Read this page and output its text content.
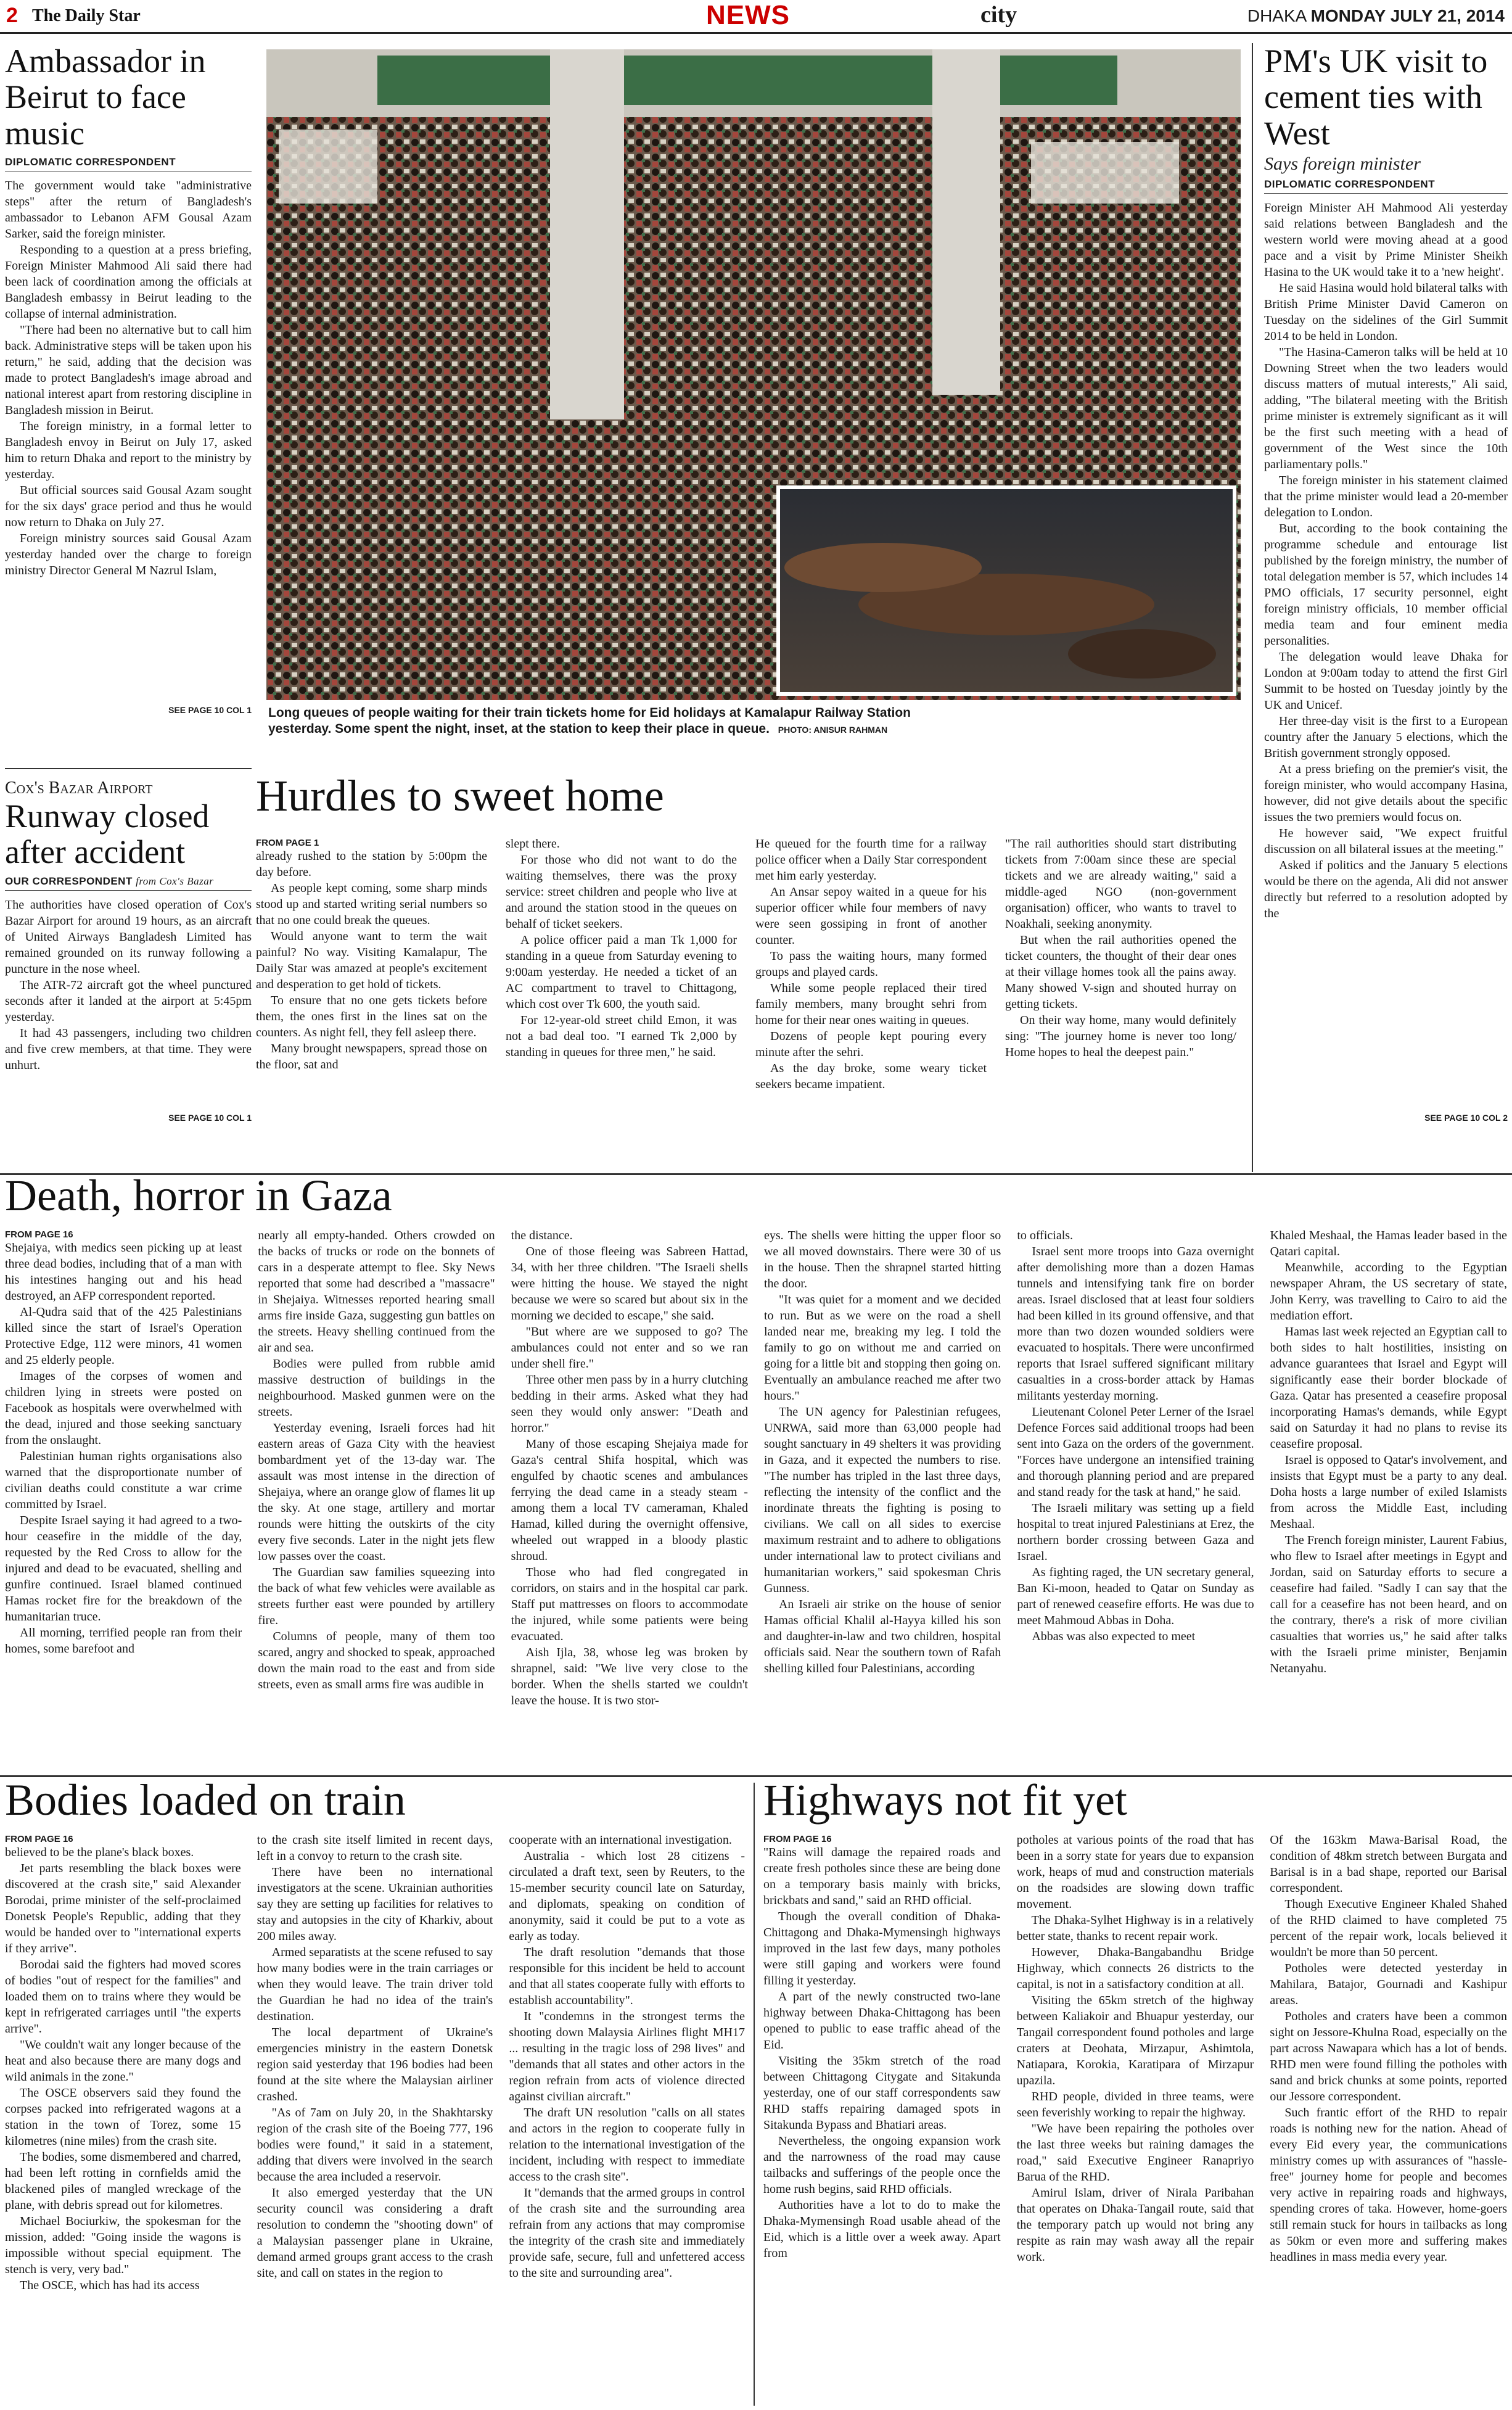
2 The Daily Star	NEWS	city	DHAKA MONDAY JULY 21, 2014
Ambassador in Beirut to face music
DIPLOMATIC CORRESPONDENT

The government would take "administrative steps" after the return of Bangladesh's ambassador to Lebanon AFM Gousal Azam Sarker, said the foreign minister.

Responding to a question at a press briefing, Foreign Minister Mahmood Ali said there had been lack of coordination among the officials at Bangladesh embassy in Beirut leading to the collapse of internal administration.

"There had been no alternative but to call him back. Administrative steps will be taken upon his return," he said, adding that the decision was made to protect Bangladesh's image abroad and national interest apart from restoring discipline in Bangladesh mission in Beirut.

The foreign ministry, in a formal letter to Bangladesh envoy in Beirut on July 17, asked him to return Dhaka and report to the ministry by yesterday.

But official sources said Gousal Azam sought for the six days' grace period and thus he would now return to Dhaka on July 27.

Foreign ministry sources said Gousal Azam yesterday handed over the charge to foreign ministry Director General M Nazrul Islam,

SEE PAGE 10 COL 1
Cox's Bazar Airport
Runway closed after accident
OUR CORRESPONDENT from Cox's Bazar

The authorities have closed operation of Cox's Bazar Airport for around 19 hours, as an aircraft of United Airways Bangladesh Limited has remained grounded on its runway following a puncture in the nose wheel.

The ATR-72 aircraft got the wheel punctured seconds after it landed at the airport at 5:45pm yesterday.

It had 43 passengers, including two children and five crew members, at that time. They were unhurt.

SEE PAGE 10 COL 1
Long queues of people waiting for their train tickets home for Eid holidays at Kamalapur Railway Station yesterday. Some spent the night, inset, at the station to keep their place in queue. PHOTO: ANISUR RAHMAN
Hurdles to sweet home
FROM PAGE 1

already rushed to the station by 5:00pm the day before.

As people kept coming, some sharp minds stood up and started writing serial numbers so that no one could break the queues.

Would anyone want to term the wait painful? No way. Visiting Kamalapur, The Daily Star was amazed at people's excitement and desperation to get hold of tickets.

To ensure that no one gets tickets before them, the ones first in the lines sat on the counters. As night fell, they fell asleep there.

Many brought newspapers, spread those on the floor, sat and

slept there.

For those who did not want to do the waiting themselves, there was the proxy service: street children and people who live at and around the station stood in the queues on behalf of ticket seekers.

A police officer paid a man Tk 1,000 for standing in a queue from Saturday evening to 9:00am yesterday. He needed a ticket of an AC compartment to travel to Chittagong, which cost over Tk 600, the youth said.

For 12-year-old street child Emon, it was not a bad deal too. "I earned Tk 2,000 by standing in queues for three men," he said.

He queued for the fourth time for a railway police officer when a Daily Star correspondent met him early yesterday.

An Ansar sepoy waited in a queue for his superior officer while four members of navy were seen gossiping in front of another counter.

To pass the waiting hours, many formed groups and played cards.

While some people replaced their tired family members, many brought sehri from home for their near ones waiting in queues.

Dozens of people kept pouring every minute after the sehri.

As the day broke, some weary ticket seekers became impatient.

"The rail authorities should start distributing tickets from 7:00am since these are special tickets and we are already waiting," said a middle-aged NGO (non-government organisation) officer, who wants to travel to Noakhali, seeking anonymity.

But when the rail authorities opened the ticket counters, the thought of their dear ones at their village homes took all the pains away. Many showed V-sign and shouted hurray on getting tickets.

On their way home, many would definitely sing: "The journey home is never too long/ Home hopes to heal the deepest pain."

PM's UK visit to cement ties with West
Says foreign minister
DIPLOMATIC CORRESPONDENT

Foreign Minister AH Mahmood Ali yesterday said relations between Bangladesh and the western world were moving ahead at a good pace and a visit by Prime Minister Sheikh Hasina to the UK would take it to a 'new height'.

He said Hasina would hold bilateral talks with British Prime Minister David Cameron on Tuesday on the sidelines of the Girl Summit 2014 to be held in London.

"The Hasina-Cameron talks will be held at 10 Downing Street when the two leaders would discuss matters of mutual interests," Ali said, adding, "The bilateral meeting with the British prime minister is extremely significant as it will be the first such meeting with a head of government of the West since the 10th parliamentary polls."

The foreign minister in his statement claimed that the prime minister would lead a 20-member delegation to London.

But, according to the book containing the programme schedule and entourage list published by the foreign ministry, the number of total delegation member is 57, which includes 14 PMO officials, 17 security personnel, eight foreign ministry officials, 10 member official media team and four eminent media personalities.

The delegation would leave Dhaka for London at 9:00am today to attend the first Girl Summit to be hosted on Tuesday jointly by the UK and Unicef.

Her three-day visit is the first to a European country after the January 5 elections, which the British government strongly opposed.

At a press briefing on the premier's visit, the foreign minister, who would accompany Hasina, however, did not give details about the specific issues the two premiers would focus on.

He however said, "We expect fruitful discussion on all bilateral issues at the meeting."

Asked if politics and the January 5 elections would be there on the agenda, Ali did not answer directly but referred to a resolution adopted by the

SEE PAGE 10 COL 2
Death, horror in Gaza
FROM PAGE 16

Shejaiya, with medics seen picking up at least three dead bodies, including that of a man with his intestines hanging out and his head destroyed, an AFP correspondent reported.

Al-Qudra said that of the 425 Palestinians killed since the start of Israel's Operation Protective Edge, 112 were minors, 41 women and 25 elderly people.

Images of the corpses of women and children lying in streets were posted on Facebook as hospitals were overwhelmed with the dead, injured and those seeking sanctuary from the onslaught.

Palestinian human rights organisations also warned that the disproportionate number of civilian deaths could constitute a war crime committed by Israel.

Despite Israel saying it had agreed to a two-hour ceasefire in the middle of the day, requested by the Red Cross to allow for the injured and dead to be evacuated, shelling and gunfire continued. Israel blamed continued Hamas rocket fire for the breakdown of the humanitarian truce.

All morning, terrified people ran from their homes, some barefoot and

nearly all empty-handed. Others crowded on the backs of trucks or rode on the bonnets of cars in a desperate attempt to flee. Sky News reported that some had described a "massacre" in Shejaiya. Witnesses reported hearing small arms fire inside Gaza, suggesting gun battles on the streets. Heavy shelling continued from the air and sea.

Bodies were pulled from rubble amid massive destruction of buildings in the neighbourhood. Masked gunmen were on the streets.

Yesterday evening, Israeli forces had hit eastern areas of Gaza City with the heaviest bombardment yet of the 13-day war. The assault was most intense in the direction of Shejaiya, where an orange glow of flames lit up the sky. At one stage, artillery and mortar rounds were hitting the outskirts of the city every five seconds. Later in the night jets flew low passes over the coast.

The Guardian saw families squeezing into the back of what few vehicles were available as streets further east were pounded by artillery fire.

Columns of people, many of them too scared, angry and shocked to speak, approached down the main road to the east and from side streets, even as small arms fire was audible in

the distance.

One of those fleeing was Sabreen Hattad, 34, with her three children. "The Israeli shells were hitting the house. We stayed the night because we were so scared but about six in the morning we decided to escape," she said.

"But where are we supposed to go? The ambulances could not enter and so we ran under shell fire."

Three other men pass by in a hurry clutching bedding in their arms. Asked what they had seen they would only answer: "Death and horror."

Many of those escaping Shejaiya made for Gaza's central Shifa hospital, which was engulfed by chaotic scenes and ambulances ferrying the dead came in a steady steam - among them a local TV cameraman, Khaled Hamad, killed during the overnight offensive, wheeled out wrapped in a bloody plastic shroud.

Those who had fled congregated in corridors, on stairs and in the hospital car park. Staff put mattresses on floors to accommodate the injured, while some patients were being evacuated.

Aish Ijla, 38, whose leg was broken by shrapnel, said: "We live very close to the border. When the shells started we couldn't leave the house. It is two stor-

eys. The shells were hitting the upper floor so we all moved downstairs. There were 30 of us in the house. Then the shrapnel started hitting the door.

"It was quiet for a moment and we decided to run. But as we were on the road a shell landed near me, breaking my leg. I told the family to go on without me and carried on going for a little bit and stopping then going on. Eventually an ambulance reached me after two hours."

The UN agency for Palestinian refugees, UNRWA, said more than 63,000 people had sought sanctuary in 49 shelters it was providing in Gaza, and it expected the numbers to rise. "The number has tripled in the last three days, reflecting the intensity of the conflict and the inordinate threats the fighting is posing to civilians. We call on all sides to exercise maximum restraint and to adhere to obligations under international law to protect civilians and humanitarian workers," said spokesman Chris Gunness.

An Israeli air strike on the house of senior Hamas official Khalil al-Hayya killed his son and daughter-in-law and two children, hospital officials said. Near the southern town of Rafah shelling killed four Palestinians, according

to officials.

Israel sent more troops into Gaza overnight after demolishing more than a dozen Hamas tunnels and intensifying tank fire on border areas. Israel disclosed that at least four soldiers had been killed in its ground offensive, and that more than two dozen wounded soldiers were evacuated to hospitals. There were unconfirmed reports that Israel suffered significant military casualties in a cross-border attack by Hamas militants yesterday morning.

Lieutenant Colonel Peter Lerner of the Israel Defence Forces said additional troops had been sent into Gaza on the orders of the government. "Forces have undergone an intensified training and thorough planning period and are prepared and stand ready for the task at hand," he said.

The Israeli military was setting up a field hospital to treat injured Palestinians at Erez, the northern border crossing between Gaza and Israel.

As fighting raged, the UN secretary general, Ban Ki-moon, headed to Qatar on Sunday as part of renewed ceasefire efforts. He was due to meet Mahmoud Abbas in Doha.

Abbas was also expected to meet

Khaled Meshaal, the Hamas leader based in the Qatari capital.

Meanwhile, according to the Egyptian newspaper Ahram, the US secretary of state, John Kerry, was travelling to Cairo to aid the mediation effort.

Hamas last week rejected an Egyptian call to both sides to halt hostilities, insisting on advance guarantees that Israel and Egypt will significantly ease their border blockade of Gaza. Qatar has presented a ceasefire proposal incorporating Hamas's demands, while Egypt said on Saturday it had no plans to revise its ceasefire proposal.

Israel is opposed to Qatar's involvement, and insists that Egypt must be a party to any deal. Doha hosts a large number of exiled Islamists from across the Middle East, including Meshaal.

The French foreign minister, Laurent Fabius, who flew to Israel after meetings in Egypt and Jordan, said on Saturday efforts to secure a ceasefire had failed. "Sadly I can say that the call for a ceasefire has not been heard, and on the contrary, there's a risk of more civilian casualties that worries us," he said after talks with the Israeli prime minister, Benjamin Netanyahu.

Bodies loaded on train
FROM PAGE 16

believed to be the plane's black boxes.

Jet parts resembling the black boxes were discovered at the crash site," said Alexander Borodai, prime minister of the self-proclaimed Donetsk People's Republic, adding that they would be handed over to "international experts if they arrive".

Borodai said the fighters had moved scores of bodies "out of respect for the families" and loaded them on to trains where they would be kept in refrigerated carriages until "the experts arrive".

"We couldn't wait any longer because of the heat and also because there are many dogs and wild animals in the zone."

The OSCE observers said they found the corpses packed into refrigerated wagons at a station in the town of Torez, some 15 kilometres (nine miles) from the crash site.

The bodies, some dismembered and charred, had been left rotting in cornfields amid the blackened piles of mangled wreckage of the plane, with debris spread out for kilometres.

Michael Bociurkiw, the spokesman for the mission, added: "Going inside the wagons is impossible without special equipment. The stench is very, very bad."

The OSCE, which has had its access

to the crash site itself limited in recent days, left in a convoy to return to the crash site.

There have been no international investigators at the scene. Ukrainian authorities say they are setting up facilities for relatives to stay and autopsies in the city of Kharkiv, about 200 miles away.

Armed separatists at the scene refused to say how many bodies were in the train carriages or when they would leave. The train driver told the Guardian he had no idea of the train's destination.

The local department of Ukraine's emergencies ministry in the eastern Donetsk region said yesterday that 196 bodies had been found at the site where the Malaysian airliner crashed.

"As of 7am on July 20, in the Shakhtarsky region of the crash site of the Boeing 777, 196 bodies were found," it said in a statement, adding that divers were involved in the search because the area included a reservoir.

It also emerged yesterday that the UN security council was considering a draft resolution to condemn the "shooting down" of a Malaysian passenger plane in Ukraine, demand armed groups grant access to the crash site, and call on states in the region to

cooperate with an international investigation.

Australia - which lost 28 citizens - circulated a draft text, seen by Reuters, to the 15-member security council late on Saturday, and diplomats, speaking on condition of anonymity, said it could be put to a vote as early as today.

The draft resolution "demands that those responsible for this incident be held to account and that all states cooperate fully with efforts to establish accountability".

It "condemns in the strongest terms the shooting down Malaysia Airlines flight MH17 ... resulting in the tragic loss of 298 lives" and "demands that all states and other actors in the region refrain from acts of violence directed against civilian aircraft."

The draft UN resolution "calls on all states and actors in the region to cooperate fully in relation to the international investigation of the incident, including with respect to immediate access to the crash site".

It "demands that the armed groups in control of the crash site and the surrounding area refrain from any actions that may compromise the integrity of the crash site and immediately provide safe, secure, full and unfettered access to the site and surrounding area".

Highways not fit yet
FROM PAGE 16

"Rains will damage the repaired roads and create fresh potholes since these are being done on a temporary basis mainly with bricks, brickbats and sand," said an RHD official.

Though the overall condition of Dhaka-Chittagong and Dhaka-Mymensingh highways improved in the last few days, many potholes were still gaping and workers were found filling it yesterday.

A part of the newly constructed two-lane highway between Dhaka-Chittagong has been opened to public to ease traffic ahead of the Eid.

Visiting the 35km stretch of the road between Chittagong Citygate and Sitakunda yesterday, one of our staff correspondents saw RHD staffs repairing damaged spots in Sitakunda Bypass and Bhatiari areas.

Nevertheless, the ongoing expansion work and the narrowness of the road may cause tailbacks and sufferings of the people once the home rush begins, said RHD officials.

Authorities have a lot to do to make the Dhaka-Mymensingh Road usable ahead of the Eid, which is a little over a week away. Apart from

potholes at various points of the road that has been in a sorry state for years due to expansion work, heaps of mud and construction materials on the roadsides are slowing down traffic movement.

The Dhaka-Sylhet Highway is in a relatively better state, thanks to recent repair work.

However, Dhaka-Bangabandhu Bridge Highway, which connects 26 districts to the capital, is not in a satisfactory condition at all.

Visiting the 65km stretch of the highway between Kaliakoir and Bhuapur yesterday, our Tangail correspondent found potholes and large craters at Deohata, Mirzapur, Ashimtola, Natiapara, Korokia, Karatipara of Mirzapur upazila.

RHD people, divided in three teams, were seen feverishly working to repair the highway.

"We have been repairing the potholes over the last three weeks but raining damages the road," said Executive Engineer Ranapriyo Barua of the RHD.

Amirul Islam, driver of Nirala Paribahan that operates on Dhaka-Tangail route, said that the temporary patch up would not bring any respite as rain may wash away all the repair work.

Of the 163km Mawa-Barisal Road, the condition of 48km stretch between Burgata and Barisal is in a bad shape, reported our Barisal correspondent.

Though Executive Engineer Khaled Shahed of the RHD claimed to have completed 75 percent of the repair work, locals believed it wouldn't be more than 50 percent.

Potholes were detected yesterday in Mahilara, Batajor, Gournadi and Kashipur areas.

Potholes and craters have been a common sight on Jessore-Khulna Road, especially on the part across Nawapara which has a lot of bends. RHD men were found filling the potholes with sand and brick chunks at some points, reported our Jessore correspondent.

Such frantic effort of the RHD to repair roads is nothing new for the nation. Ahead of every Eid every year, the communications ministry comes up with assurances of "hassle-free" journey home for people and becomes very active in repairing roads and highways, spending crores of taka. However, home-goers still remain stuck for hours in tailbacks as long as 50km or even more and suffering makes headlines in mass media every year.
